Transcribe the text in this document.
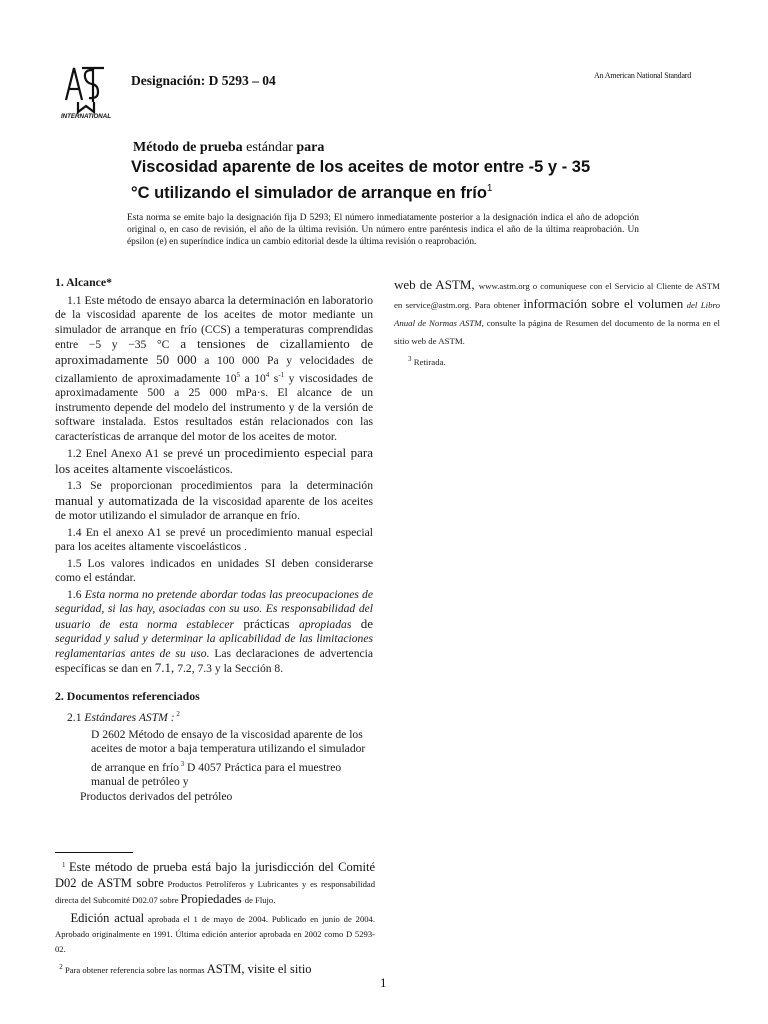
INTERNATIONAL
Designación: D 5293 – 04	An American National Standard
Método de prueba estándar para
Viscosidad aparente de los aceites de motor entre -5 y - 35 °C utilizando el simulador de arranque en frío$^1$
Esta norma se emite bajo la designación fija D 5293; El número inmediatamente posterior a la designación indica el año de adopción original o, en caso de revisión, el año de la última revisión. Un número entre paréntesis indica el año de la última reaprobación. Un épsilon (e) en superíndice indica un cambio editorial desde la última revisión o reaprobación.
1. Alcance*

1.1 Este método de ensayo abarca la determinación en laboratorio de la viscosidad aparente de los aceites de motor mediante un simulador de arranque en frío (CCS) a temperaturas comprendidas entre −5 y −35 °C a tensiones de cizallamiento de aproximadamente 50 000 a 100 000 Pa y velocidades de cizallamiento de aproximadamente $10^5$ a $10^4$ $s^{-1}$ y viscosidades de aproximadamente 500 a 25 000 mPa·s. El alcance de un instrumento depende del modelo del instrumento y de la versión de software instalada. Estos resultados están relacionados con las características de arranque del motor de los aceites de motor.

1.2 Enel Anexo A1 se prevé un procedimiento especial para los aceites altamente viscoelásticos.

1.3 Se proporcionan procedimientos para la determinación manual y automatizada de la viscosidad aparente de los aceites de motor utilizando el simulador de arranque en frío.

1.4 En el anexo A1 se prevé un procedimiento manual especial para los aceites altamente viscoelásticos .

1.5 Los valores indicados en unidades SI deben considerarse como el estándar.

1.6 Esta norma no pretende abordar todas las preocupaciones de seguridad, si las hay, asociadas con su uso. Es responsabilidad del usuario de esta norma establecer prácticas apropiadas de seguridad y salud y determinar la aplicabilidad de las limitaciones reglamentarias antes de su uso. Las declaraciones de advertencia específicas se dan en 7.1, 7.2, 7.3 y la Sección 8.

2. Documentos referenciados

2.1 Estándares ASTM : $^2$

D 2602 Método de ensayo de la viscosidad aparente de los aceites de motor a baja temperatura utilizando el simulador de arranque en frío $^3$ D 4057 Práctica para el muestreo manual de petróleo y

Productos derivados del petróleo

$^1$ Este método de prueba está bajo la jurisdicción del Comité D02 de ASTM sobre Productos Petrolíferos y Lubricantes y es responsabilidad directa del Subcomité D02.07 sobre Propiedades de Flujo.

Edición actual aprobada el 1 de mayo de 2004. Publicado en junio de 2004. Aprobado originalmente en 1991. Última edición anterior aprobada en 2002 como D 5293-02.

$^2$ Para obtener referencia sobre las normas ASTM, visite el sitio

web de ASTM, www.astm.org o comuníquese con el Servicio al Cliente de ASTM en service@astm.org. Para obtener información sobre el volumen del Libro Anual de Normas ASTM, consulte la página de Resumen del documento de la norma en el sitio web de ASTM.

$^3$ Retirada.

1
